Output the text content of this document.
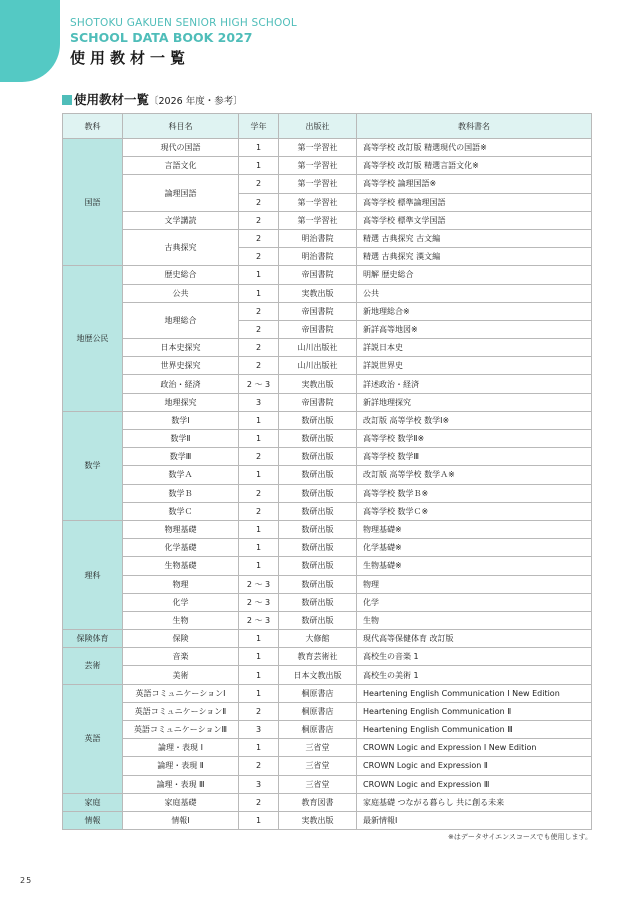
SHOTOKU GAKUEN SENIOR HIGH SCHOOL
SCHOOL DATA BOOK 2027
使用教材一覧
使用教材一覧〔2026 年度・参考〕
教科	科目名	学年	出版社	教科書名
国語	現代の国語	1	第一学習社	高等学校 改訂版 精選現代の国語※
	言語文化	1	第一学習社	高等学校 改訂版 精選言語文化※
	論理国語	2	第一学習社	高等学校 論理国語※
		2	第一学習社	高等学校 標準論理国語
	文学講読	2	第一学習社	高等学校 標準文学国語
	古典探究	2	明治書院	精選 古典探究 古文編
		2	明治書院	精選 古典探究 漢文編
地歴公民	歴史総合	1	帝国書院	明解 歴史総合
	公共	1	実教出版	公共
	地理総合	2	帝国書院	新地理総合※
		2	帝国書院	新詳高等地図※
	日本史探究	2	山川出版社	詳説日本史
	世界史探究	2	山川出版社	詳説世界史
	政治・経済	2 ～ 3	実教出版	詳述政治・経済
	地理探究	3	帝国書院	新詳地理探究
数学	数学Ⅰ	1	数研出版	改訂版 高等学校 数学Ⅰ※
	数学Ⅱ	1	数研出版	高等学校 数学Ⅱ※
	数学Ⅲ	2	数研出版	高等学校 数学Ⅲ
	数学Ａ	1	数研出版	改訂版 高等学校 数学Ａ※
	数学Ｂ	2	数研出版	高等学校 数学Ｂ※
	数学Ｃ	2	数研出版	高等学校 数学Ｃ※
理科	物理基礎	1	数研出版	物理基礎※
	化学基礎	1	数研出版	化学基礎※
	生物基礎	1	数研出版	生物基礎※
	物理	2 ～ 3	数研出版	物理
	化学	2 ～ 3	数研出版	化学
	生物	2 ～ 3	数研出版	生物
保険体育	保険	1	大修館	現代高等保健体育 改訂版
芸術	音楽	1	教育芸術社	高校生の音楽 1
	美術	1	日本文教出版	高校生の美術 1
英語	英語コミュニケーションⅠ	1	桐原書店	Heartening English Communication Ⅰ New Edition
	英語コミュニケーションⅡ	2	桐原書店	Heartening English Communication Ⅱ
	英語コミュニケーションⅢ	3	桐原書店	Heartening English Communication Ⅲ
	論理・表現 Ⅰ	1	三省堂	CROWN Logic and Expression Ⅰ New Edition
	論理・表現 Ⅱ	2	三省堂	CROWN Logic and Expression Ⅱ
	論理・表現 Ⅲ	3	三省堂	CROWN Logic and Expression Ⅲ
家庭	家庭基礎	2	教育図書	家庭基礎 つながる暮らし 共に創る未来
情報	情報Ⅰ	1	実教出版	最新情報Ⅰ
※はデータサイエンスコースでも使用します。
25
